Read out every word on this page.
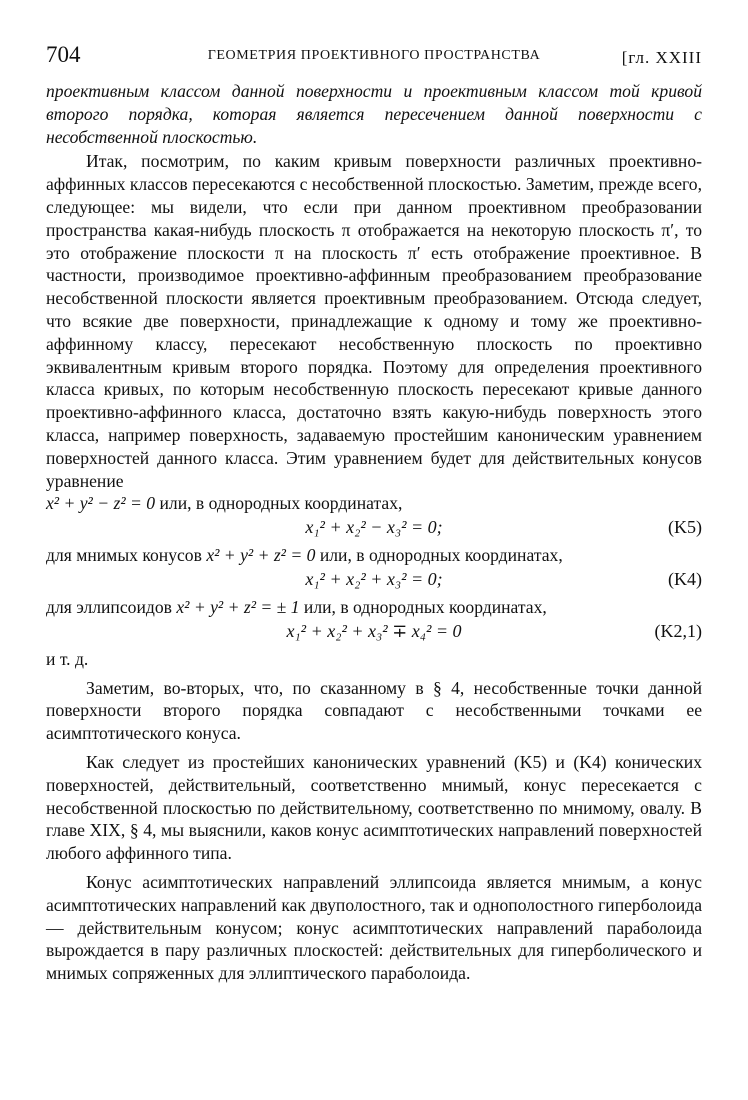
704	ГЕОМЕТРИЯ ПРОЕКТИВНОГО ПРОСТРАНСТВА	[гл. XXIII

проективным классом данной поверхности и проективным классом той кривой второго порядка, которая является пересечением данной поверхности с несобственной плоскостью.

Итак, посмотрим, по каким кривым поверхности различных проективно-аффинных классов пересекаются с несобственной плоскостью. Заметим, прежде всего, следующее: мы видели, что если при данном проективном преобразовании пространства какая-нибудь плоскость π отображается на некоторую плоскость π′, то это отображение плоскости π на плоскость π′ есть отображение проективное. В частности, производимое проективно-аффинным преобразованием преобразование несобственной плоскости является проективным преобразованием. Отсюда следует, что всякие две поверхности, принадлежащие к одному и тому же проективно-аффинному классу, пересекают несобственную плоскость по проективно эквивалентным кривым второго порядка. Поэтому для определения проективного класса кривых, по которым несобственную плоскость пересекают кривые данного проективно-аффинного класса, достаточно взять какую-нибудь поверхность этого класса, например поверхность, задаваемую простейшим каноническим уравнением поверхностей данного класса. Этим уравнением будет для действительных конусов уравнение

x² + y² − z² = 0 или, в однородных координатах,

x₁² + x₂² − x₃² = 0;	(K5)

для мнимых конусов x² + y² + z² = 0 или, в однородных координатах,

x₁² + x₂² + x₃² = 0;	(K4)

для эллипсоидов x² + y² + z² = ± 1 или, в однородных координатах,

x₁² + x₂² + x₃² ∓ x₄² = 0	(K2,1)

и т. д.

Заметим, во-вторых, что, по сказанному в § 4, несобственные точки данной поверхности второго порядка совпадают с несобственными точками ее асимптотического конуса.

Как следует из простейших канонических уравнений (K5) и (K4) конических поверхностей, действительный, соответственно мнимый, конус пересекается с несобственной плоскостью по действительному, соответственно по мнимому, овалу. В главе XIX, § 4, мы выяснили, каков конус асимптотических направлений поверхностей любого аффинного типа.

Конус асимптотических направлений эллипсоида является мнимым, а конус асимптотических направлений как двуполостного, так и однополостного гиперболоида — действительным конусом; конус асимптотических направлений параболоида вырождается в пару различных плоскостей: действительных для гиперболического и мнимых сопряженных для эллиптического параболоида.
